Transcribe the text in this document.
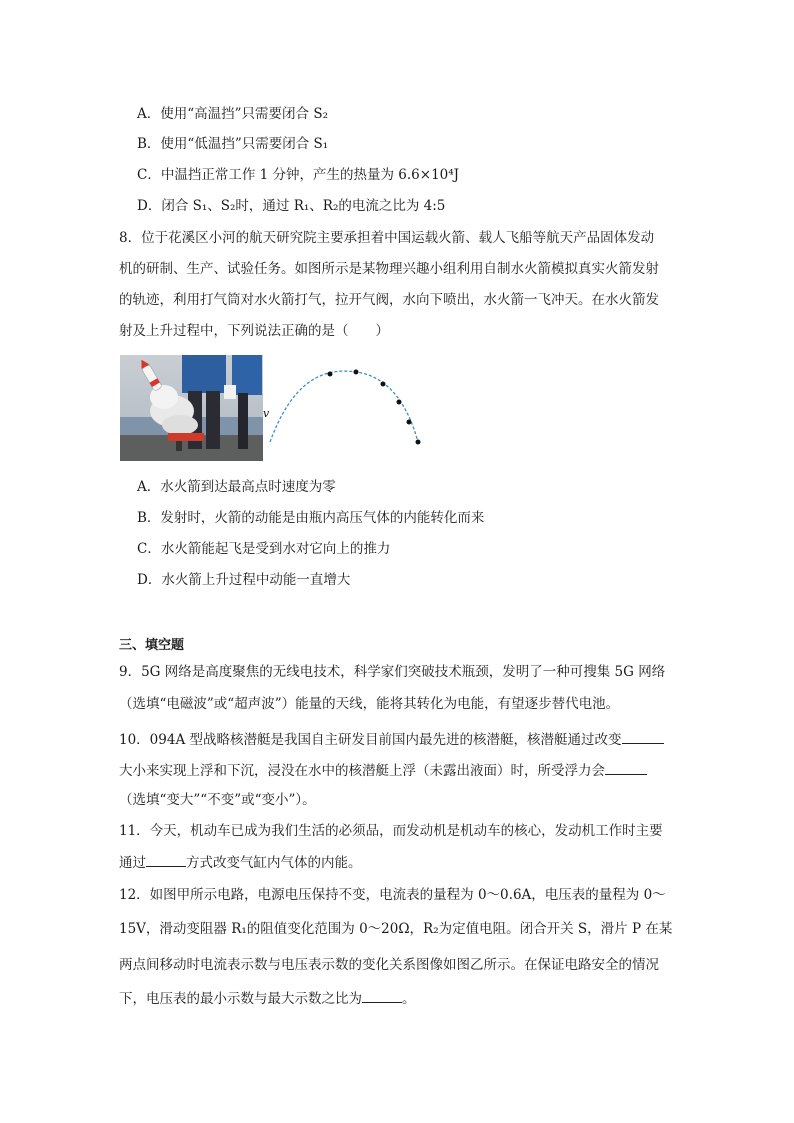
A．使用“高温挡”只需要闭合 S₂
B．使用“低温挡”只需要闭合 S₁
C．中温挡正常工作 1 分钟，产生的热量为 6.6×10⁴J
D．闭合 S₁、S₂时，通过 R₁、R₂的电流之比为 4:5
8．位于花溪区小河的航天研究院主要承担着中国运载火箭、载人飞船等航天产品固体发动
机的研制、生产、试验任务。如图所示是某物理兴趣小组利用自制水火箭模拟真实火箭发射
的轨迹，利用打气筒对水火箭打气，拉开气阀，水向下喷出，水火箭一飞冲天。在水火箭发
射及上升过程中，下列说法正确的是（　　）
v
A．水火箭到达最高点时速度为零
B．发射时，火箭的动能是由瓶内高压气体的内能转化而来
C．水火箭能起飞是受到水对它向上的推力
D．水火箭上升过程中动能一直增大
三、填空题
9．5G 网络是高度聚焦的无线电技术，科学家们突破技术瓶颈，发明了一种可搜集 5G 网络
（选填“电磁波”或“超声波”）能量的天线，能将其转化为电能，有望逐步替代电池。
10．094A 型战略核潜艇是我国自主研发目前国内最先进的核潜艇，核潜艇通过改变
大小来实现上浮和下沉，浸没在水中的核潜艇上浮（未露出液面）时，所受浮力会
（选填“变大”“不变”或“变小”）。
11．今天，机动车已成为我们生活的必须品，而发动机是机动车的核心，发动机工作时主要
通过	方式改变气缸内气体的内能。
12．如图甲所示电路，电源电压保持不变，电流表的量程为 0～0.6A，电压表的量程为 0～
15V，滑动变阻器 R₁的阻值变化范围为 0～20Ω，R₂为定值电阻。闭合开关 S，滑片 P 在某
两点间移动时电流表示数与电压表示数的变化关系图像如图乙所示。在保证电路安全的情况
下，电压表的最小示数与最大示数之比为	。
